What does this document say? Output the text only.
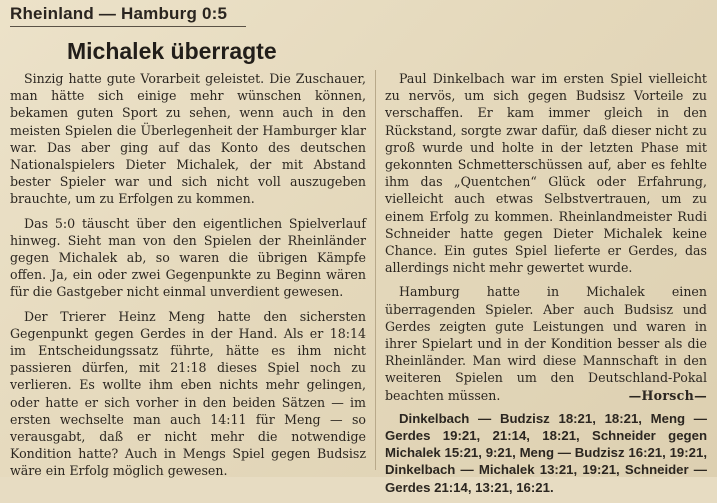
Rheinland — Hamburg 0:5
Michalek überragte

Sinzig hatte gute Vorarbeit geleistet. Die Zuschauer, man hätte sich einige mehr wünschen können, bekamen guten Sport zu sehen, wenn auch in den meisten Spielen die Überlegenheit der Hamburger klar war. Das aber ging auf das Konto des deutschen Nationalspielers Dieter Michalek, der mit Abstand bester Spieler war und sich nicht voll auszugeben brauchte, um zu Erfolgen zu kommen.

Das 5:0 täuscht über den eigentlichen Spielverlauf hinweg. Sieht man von den Spielen der Rheinländer gegen Michalek ab, so waren die übrigen Kämpfe offen. Ja, ein oder zwei Gegenpunkte zu Beginn wären für die Gastgeber nicht einmal unverdient gewesen.

Der Trierer Heinz Meng hatte den sichersten Gegenpunkt gegen Gerdes in der Hand. Als er 18:14 im Entscheidungssatz führte, hätte es ihm nicht passieren dürfen, mit 21:18 dieses Spiel noch zu verlieren. Es wollte ihm eben nichts mehr gelingen, oder hatte er sich vorher in den beiden Sätzen — im ersten wechselte man auch 14:11 für Meng — so verausgabt, daß er nicht mehr die notwendige Kondition hatte? Auch in Mengs Spiel gegen Budsisz wäre ein Erfolg möglich gewesen.

Paul Dinkelbach war im ersten Spiel vielleicht zu nervös, um sich gegen Budsisz Vorteile zu verschaffen. Er kam immer gleich in den Rückstand, sorgte zwar dafür, daß dieser nicht zu groß wurde und holte in der letzten Phase mit gekonnten Schmetterschüssen auf, aber es fehlte ihm das „Quentchen“ Glück oder Erfahrung, vielleicht auch etwas Selbstvertrauen, um zu einem Erfolg zu kommen. Rheinlandmeister Rudi Schneider hatte gegen Dieter Michalek keine Chance. Ein gutes Spiel lieferte er Gerdes, das allerdings nicht mehr gewertet wurde.

Hamburg hatte in Michalek einen überragenden Spieler. Aber auch Budsisz und Gerdes zeigten gute Leistungen und waren in ihrer Spielart und in der Kondition besser als die Rheinländer. Man wird diese Mannschaft in den weiteren Spielen um den Deutschland-Pokal beachten müssen.	—Horsch—

Dinkelbach — Budzisz 18:21, 18:21, Meng — Gerdes 19:21, 21:14, 18:21, Schneider gegen Michalek 15:21, 9:21, Meng — Budzisz 16:21, 19:21, Dinkelbach — Michalek 13:21, 19:21, Schneider — Gerdes 21:14, 13:21, 16:21.
